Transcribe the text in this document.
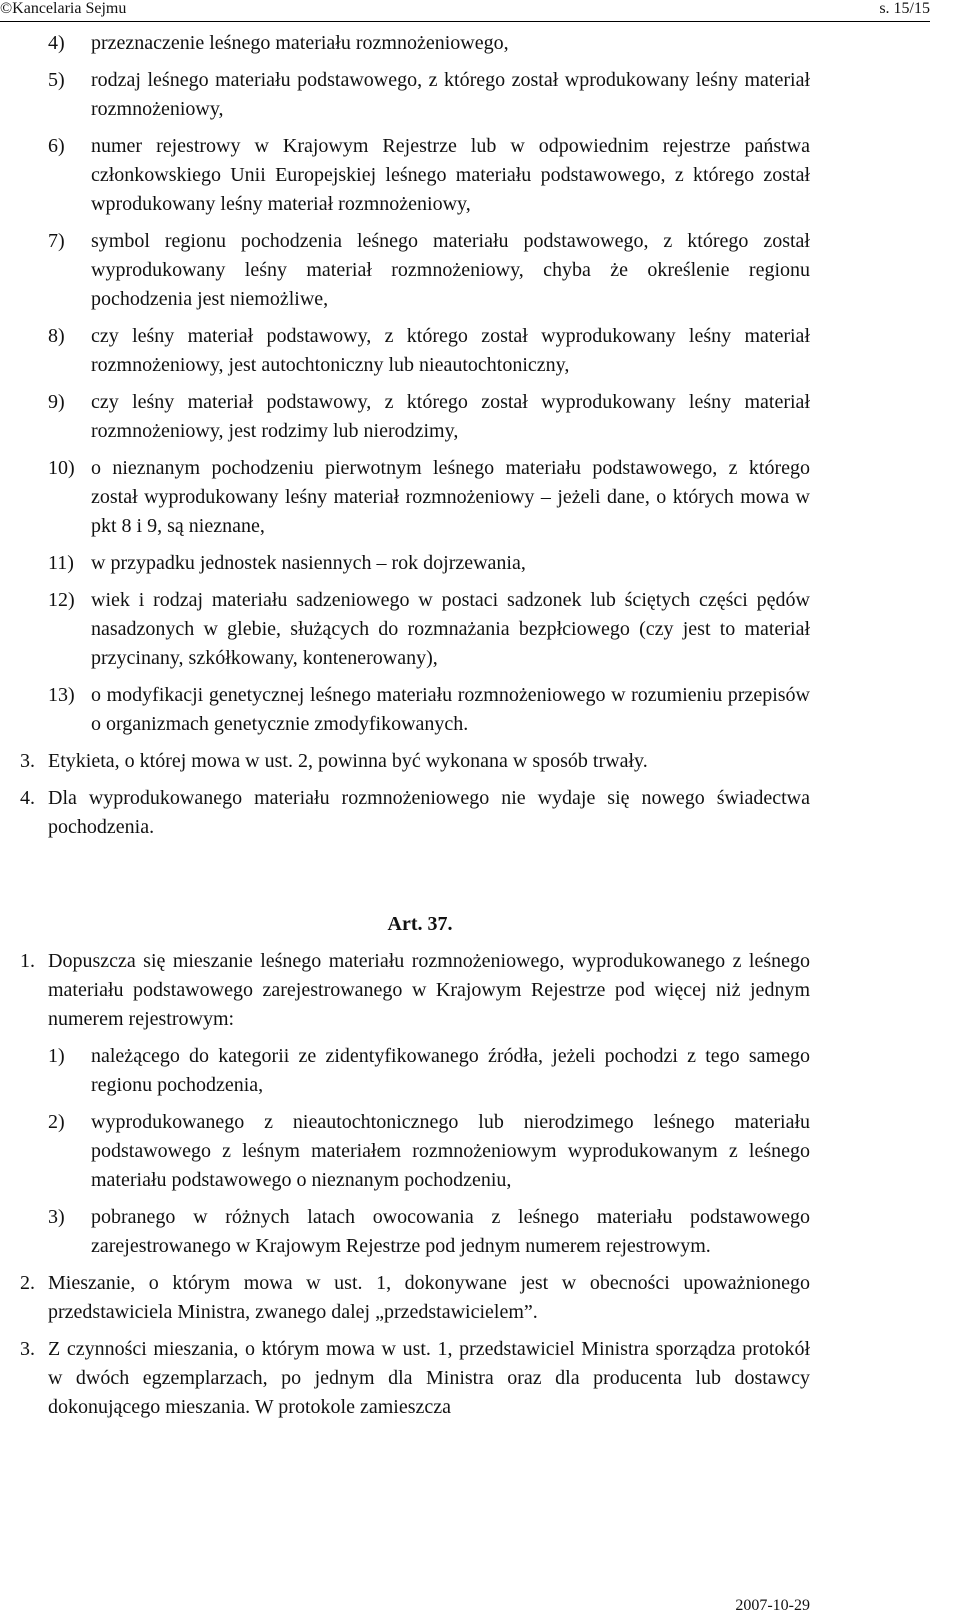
©Kancelaria Sejmu	s. 15/15
4) przeznaczenie leśnego materiału rozmnożeniowego,
5) rodzaj leśnego materiału podstawowego, z którego został wprodukowany leśny materiał rozmnożeniowy,
6) numer rejestrowy w Krajowym Rejestrze lub w odpowiednim rejestrze państwa członkowskiego Unii Europejskiej leśnego materiału podstawowego, z którego został wprodukowany leśny materiał rozmnożeniowy,
7) symbol regionu pochodzenia leśnego materiału podstawowego, z którego został wyprodukowany leśny materiał rozmnożeniowy, chyba że określenie regionu pochodzenia jest niemożliwe,
8) czy leśny materiał podstawowy, z którego został wyprodukowany leśny materiał rozmnożeniowy, jest autochtoniczny lub nieautochtoniczny,
9) czy leśny materiał podstawowy, z którego został wyprodukowany leśny materiał rozmnożeniowy, jest rodzimy lub nierodzimy,
10) o nieznanym pochodzeniu pierwotnym leśnego materiału podstawowego, z którego został wyprodukowany leśny materiał rozmnożeniowy – jeżeli dane, o których mowa w pkt 8 i 9, są nieznane,
11) w przypadku jednostek nasiennych – rok dojrzewania,
12) wiek i rodzaj materiału sadzeniowego w postaci sadzonek lub ściętych części pędów nasadzonych w glebie, służących do rozmnażania bezpłciowego (czy jest to materiał przycinany, szkółkowany, kontenerowany),
13) o modyfikacji genetycznej leśnego materiału rozmnożeniowego w rozumieniu przepisów o organizmach genetycznie zmodyfikowanych.
3. Etykieta, o której mowa w ust. 2, powinna być wykonana w sposób trwały.
4. Dla wyprodukowanego materiału rozmnożeniowego nie wydaje się nowego świadectwa pochodzenia.
Art. 37.
1. Dopuszcza się mieszanie leśnego materiału rozmnożeniowego, wyprodukowanego z leśnego materiału podstawowego zarejestrowanego w Krajowym Rejestrze pod więcej niż jednym numerem rejestrowym:
1) należącego do kategorii ze zidentyfikowanego źródła, jeżeli pochodzi z tego samego regionu pochodzenia,
2) wyprodukowanego z nieautochtonicznego lub nierodzimego leśnego materiału podstawowego z leśnym materiałem rozmnożeniowym wyprodukowanym z leśnego materiału podstawowego o nieznanym pochodzeniu,
3) pobranego w różnych latach owocowania z leśnego materiału podstawowego zarejestrowanego w Krajowym Rejestrze pod jednym numerem rejestrowym.
2. Mieszanie, o którym mowa w ust. 1, dokonywane jest w obecności upoważnionego przedstawiciela Ministra, zwanego dalej „przedstawicielem”.
3. Z czynności mieszania, o którym mowa w ust. 1, przedstawiciel Ministra sporządza protokół w dwóch egzemplarzach, po jednym dla Ministra oraz dla producenta lub dostawcy dokonującego mieszania. W protokole zamieszcza
2007-10-29
